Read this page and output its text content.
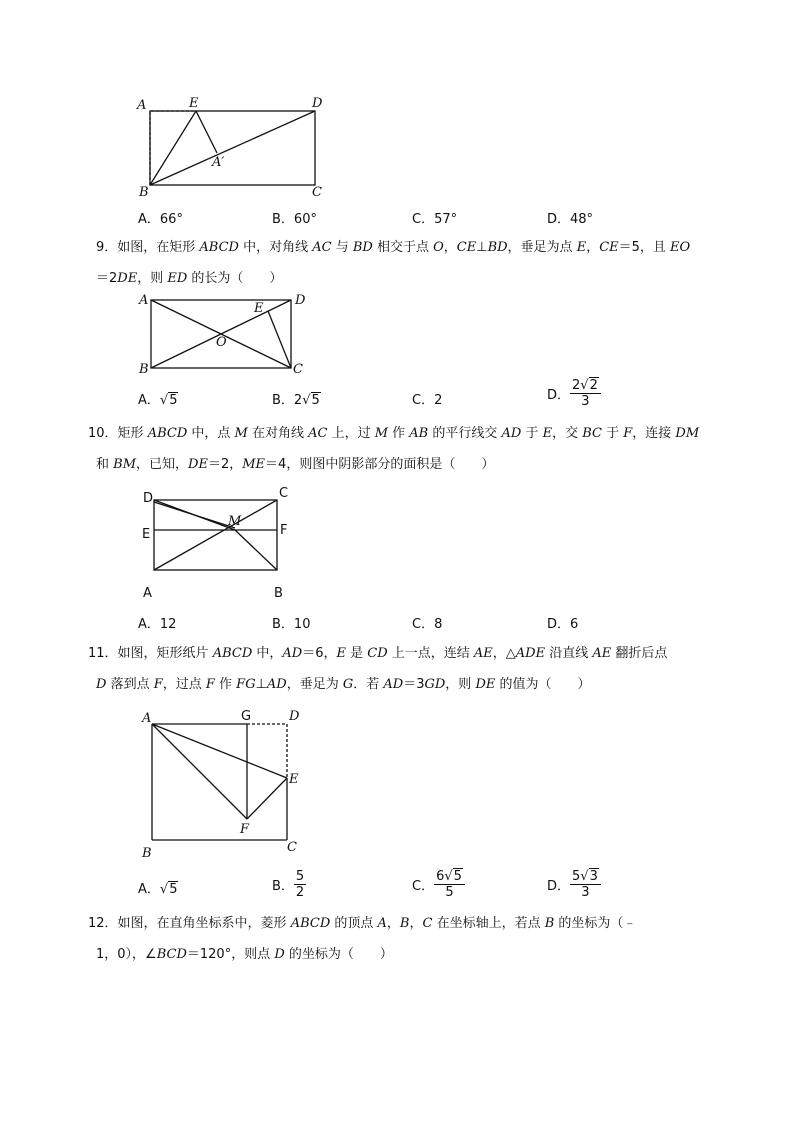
A	E	D
A′
B	C
A．66°	B．60°	C．57°	D．48°
9．如图，在矩形 ABCD 中，对角线 AC 与 BD 相交于点 O，CE⊥BD，垂足为点 E，CE＝5，且 EO
＝2DE，则 ED 的长为（　　）
A
E
D
O
B	C
A．√5	B．2√5	C．2	D． $\frac{2√2}{3}$
10．矩形 ABCD 中，点 M 在对角线 AC 上，过 M 作 AB 的平行线交 AD 于 E，交 BC 于 F，连接 DM
和 BM，已知，DE＝2，ME＝4，则图中阴影部分的面积是（　　）
D	C
E
M
F
A	B
A．12	B．10	C．8	D．6
11．如图，矩形纸片 ABCD 中，AD＝6，E 是 CD 上一点，连结 AE，△ADE 沿直线 AE 翻折后点
D 落到点 F，过点 F 作 FG⊥AD，垂足为 G．若 AD＝3GD，则 DE 的值为（　　）
A	G	D
E
F
B	C
A．√5	B． $\frac{5}{2}$	C． $\frac{6√5}{5}$	D． $\frac{5√3}{3}$
12．如图，在直角坐标系中，菱形 ABCD 的顶点 A，B，C 在坐标轴上，若点 B 的坐标为（﹣
1，0），∠BCD＝120°，则点 D 的坐标为（　　）
